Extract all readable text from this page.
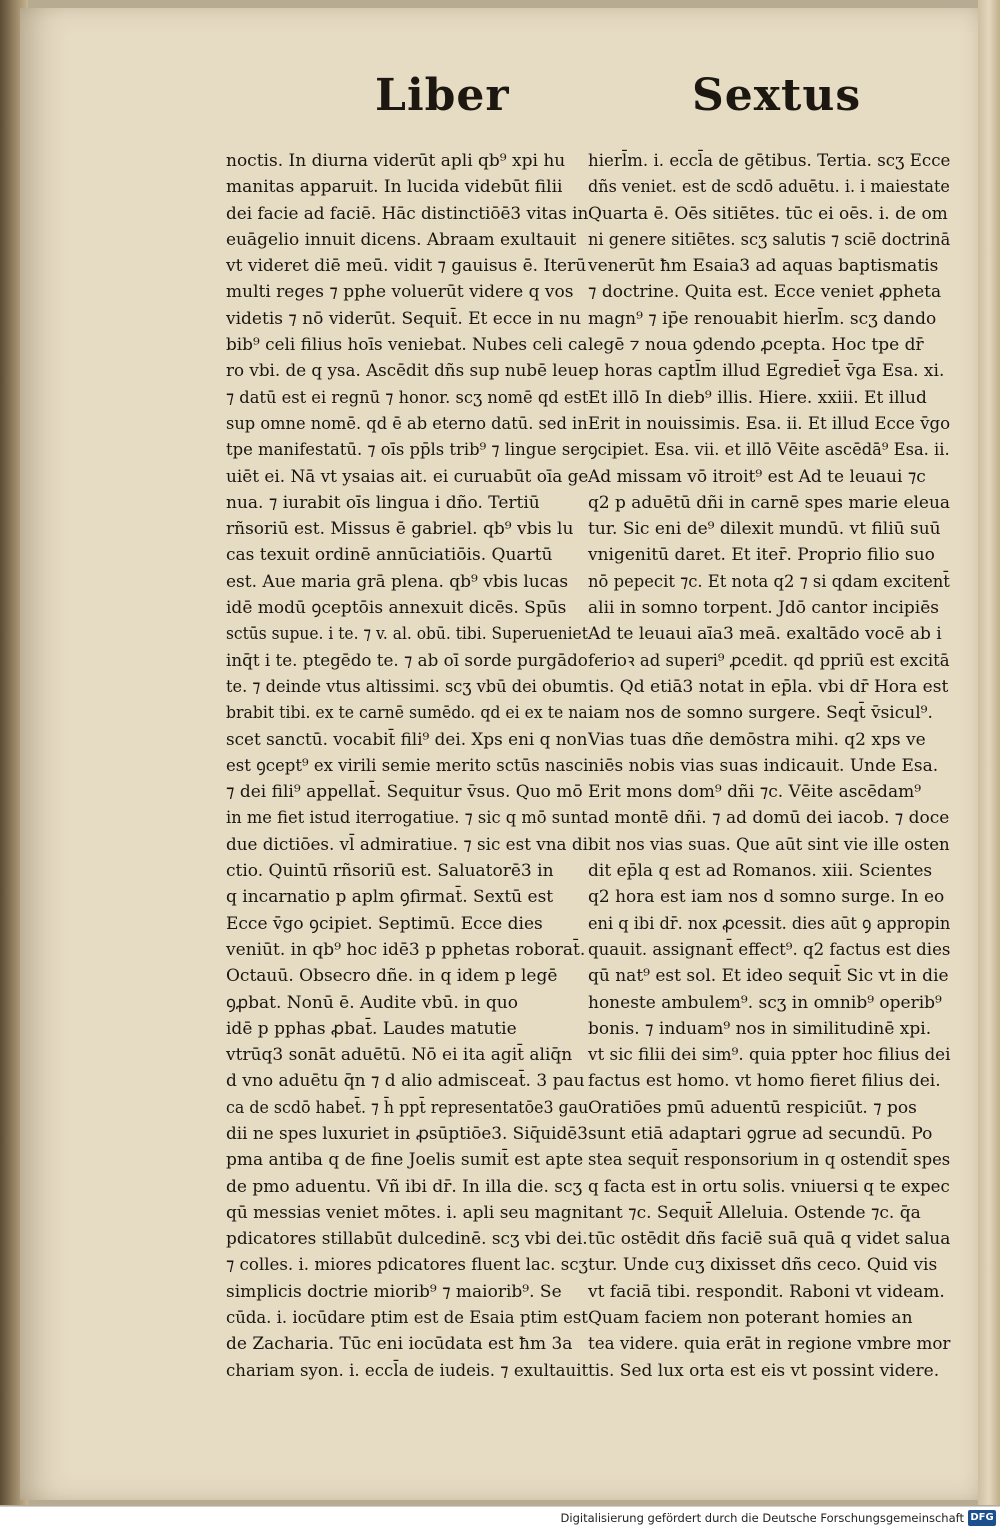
Liber	Sextus
noctis. In diurna viderūt apli qb⁹ xpi hu
manitas apparuit. In lucida videbūt filii
dei facie ad faciē. Hāc distinctiōē3 vitas in
euāgelio innuit dicens. Abraam exultauit
vt videret diē meū. vidit ⁊ gauisus ē. Iterū
multi reges ⁊ pphe voluerūt videre q vos
videtis ⁊ nō viderūt. Sequit̄. Et ecce in nu
bib⁹ celi filius hoīs veniebat. Nubes celi ca
ro vbi. de q ysa. Ascēdit dñs sup nubē leue
⁊ datū est ei regnū ⁊ honor. scʒ nomē qd est
sup omne nomē. qd ē ab eterno datū. sed in
tpe manifestatū. ⁊ oīs pp̄ls trib⁹ ⁊ lingue ser
uiēt ei. Nā vt ysaias ait. ei curuabūt oīa ge
nua. ⁊ iurabit oīs lingua i dño. Tertiū
rñsoriū est. Missus ē gabriel. qb⁹ vbis lu
cas texuit ordinē annūciatiōis. Quartū
est. Aue maria grā plena. qb⁹ vbis lucas
idē modū ꝯceptōis annexuit dicēs. Spūs
sctūs supue. i te. ⁊ v. al. obū. tibi. Superueniet
inq̄t i te. ptegēdo te. ⁊ ab oī sorde purgādo
te. ⁊ deinde vtus altissimi. scʒ vbū dei obum
brabit tibi. ex te carnē sumēdo. qd ei ex te na
scet sanctū. vocabit̄ fili⁹ dei. Xps eni q non
est ꝯcept⁹ ex virili semie merito sctūs nasci
⁊ dei fili⁹ appellat̄. Sequitur v̄sus. Quo mō
in me fiet istud iterrogatiue. ⁊ sic q mō sunt
due dictiōes. vl̄ admiratiue. ⁊ sic est vna di
ctio. Quintū rñsoriū est. Saluatorē3 in
q incarnatio p aplm ꝯfirmat̄. Sextū est
Ecce v̄go ꝯcipiet. Septimū. Ecce dies
veniūt. in qb⁹ hoc idē3 p pphetas roborat̄.
Octauū. Obsecro dñe. in q idem p legē
ꝯꝓbat. Nonū ē. Audite vbū. in quo
idē p pphas ꝓbat̄. Laudes matutie
vtrūq3 sonāt aduētū. Nō ei ita agit̄ aliq̄n
d vno aduētu q̄n ⁊ d alio admisceat̄. 3 pau
ca de scdō habet̄. ⁊ h̄ ppt̄ representatōe3 gau
dii ne spes luxuriet in ꝓsūptiōe3. Siq̄uidē3
pma antiba q de fine Joelis sumit̄ est apte
de pmo aduentu. Vñ ibi dr̄. In illa die. scʒ
qū messias veniet mōtes. i. apli seu magni
pdicatores stillabūt dulcedinē. scʒ vbi dei.
⁊ colles. i. miores pdicatores fluent lac. scʒ
simplicis doctrie miorib⁹ ⁊ maiorib⁹. Se
cūda. i. iocūdare ptim est de Esaia ptim est
de Zacharia. Tūc eni iocūdata est ħm 3a
chariam syon. i. eccl̄a de iudeis. ⁊ exultauit
hierl̄m. i. eccl̄a de gētibus. Tertia. scʒ Ecce
dñs veniet. est de scdō aduētu. i. i maiestate
Quarta ē. Oēs sitiētes. tūc ei oēs. i. de om
ni genere sitiētes. scʒ salutis ⁊ sciē doctrinā
venerūt ħm Esaia3 ad aquas baptismatis
⁊ doctrine. Quita est. Ecce veniet ꝓpheta
magn⁹ ⁊ ip̄e renouabit hierl̄m. scʒ dando
legē ⁊ noua ꝯdendo ꝓcepta. Hoc tpe dr̄
p horas captl̄m illud Egrediet̄ v̄ga Esa. xi.
Et illō In dieb⁹ illis. Hiere. xxiii. Et illud
Erit in nouissimis. Esa. ii. Et illud Ecce v̄go
ꝯcipiet. Esa. vii. et illō Vēite ascēdā⁹ Esa. ii.
Ad missam vō itroit⁹ est Ad te leuaui ⁊c
q2 p aduētū dñi in carnē spes marie eleua
tur. Sic eni de⁹ dilexit mundū. vt filiū suū
vnigenitū daret. Et iter̄. Proprio filio suo
nō pepecit ⁊c. Et nota q2 ⁊ si qdam excitent̄
alii in somno torpent. Jdō cantor incipiēs
Ad te leuaui aīa3 meā. exaltādo vocē ab i
ferioꝛ ad superi⁹ ꝓcedit. qd ppriū est excitā
tis. Qd etiā3 notat in ep̄la. vbi dr̄ Hora est
iam nos de somno surgere. Seqt̄ v̄sicul⁹.
Vias tuas dñe demōstra mihi. q2 xps ve
niēs nobis vias suas indicauit. Unde Esa.
Erit mons dom⁹ dñi ⁊c. Vēite ascēdam⁹
ad montē dñi. ⁊ ad domū dei iacob. ⁊ doce
bit nos vias suas. Que aūt sint vie ille osten
dit ep̄la q est ad Romanos. xiii. Scientes
q2 hora est iam nos d somno surge. In eo
eni q ibi dr̄. nox ꝓcessit. dies aūt ꝯ appropin
quauit. assignant̄ effect⁹. q2 factus est dies
qū nat⁹ est sol. Et ideo sequit̄ Sic vt in die
honeste ambulem⁹. scʒ in omnib⁹ operib⁹
bonis. ⁊ induam⁹ nos in similitudinē xpi.
vt sic filii dei sim⁹. quia ppter hoc filius dei
factus est homo. vt homo fieret filius dei.
Oratiōes pmū aduentū respiciūt. ⁊ pos
sunt etiā adaptari ꝯgrue ad secundū. Po
stea sequit̄ responsorium in q ostendit̄ spes
q facta est in ortu solis. vniuersi q te expec
tant ⁊c. Sequit̄ Alleluia. Ostende ⁊c. q̄a
tūc ostēdit dñs faciē suā quā q videt salua
tur. Unde cuʒ dixisset dñs ceco. Quid vis
vt faciā tibi. respondit. Raboni vt videam.
Quam faciem non poterant homies an
tea videre. quia erāt in regione vmbre mor
tis. Sed lux orta est eis vt possint videre.
Digitalisierung gefördert durch die Deutsche Forschungsgemeinschaft DFG
